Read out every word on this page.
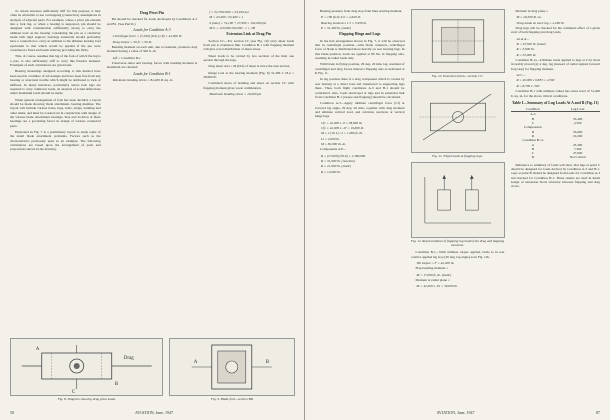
To obtain structure sufficiently stiff for this purpose, it may often be advisable to use overlapping (connective) assumptions in analysis of adjacent parts. For example, where a pivot pin extends into a fork lug, or when a bearing is supported, pin should be designed with consideration sufficiently strong to carry the ultimate load on the bearing considering the pin as a cantilever beam with rigid support; bearings externally should preferably have a connection to carry, in addition to the ultimate bearing load equivalent to that which would be applied if the pin were considered a fixed end beam with lug providing the fixity.

This, of course, assumes that lug of the fork of which the lug is a part, is also sufficiently stiff to carry this fixation moment. Examples of such calculations are given later.

Bearing mountings designed according to this method have been used in a number of lab designs and have been free from any bearing or structural trouble which might be attributed to lack of stiffness. In many instances, particularly where fork lugs are required to carry cantilever loads, an analysis of actual deflections under maximum loads should be made.

When general arrangement of fork has been decided, a layout should be made showing blade attachment, bearing member. The layout will include various forks, lugs, bolts, straps, bending and other items, and must be worked out in conjunction with design of the various blade attachment bearings. Size and location of these bearings are a governing factor in design of various connected parts.

Illustrated in Fig. 7 is a preliminary layout to study some of the detail blade attachment problems. Factors such as the characteristics previously used as an example. The following calculations are based upon the arrangement of parts and proportions shown in the drawing.

Drag Pivot Pin

Pin should be checked for loads developed by Conditions A-3 and B1. (See Part II.)

Loads for Condition A-3

Centrifugal force = (7,290) (6.9) (1.8) = 42,000 lb.

Drag torque = 30 ft. = 90 lb.

Bending moment on each unit, due to resultant, produces drag moment having a value of 300 ft.-lb.

Lift = Condition B-1

Transverse shear and bearing forces with bending moment at maximum are checked.

Loads for Condition B-1

Maximum bending stress = 82,400 lb./sq. in.

f = 32,700/.960 = 34,100 psi

M = 23,400 / 23,400 = 1

S (max) = 74,100 + 27,900 = 102,000 psi

M.S. = 110,000/102,000 - 1 = .08

Extension Link at Drag Pin

Section CC—For section CC (see Fig. 10) carry shear loads from pin to extension link. Condition B-1 with flapping moment will give worst distribution of shear stress.

Shear loads to be carried by two sections of the link; one section through the lugs.

Drag shear area = M (D/2) of shear is twice the area section.

Range load at the bearing moment (Fig. 6) 31,300 x 18.2 = 28,000 lb.

Combined stress of bending and shear on section CC with flapping moment gives worst combination.

Maximum bending stress = 10,000 psi

Drag
A
B
C
Fig. 8. Diagram showing drag pivot loads.
A	B
Fig. 9. Blade fork—section BB.
50	AVIATION, June, 1947

Bearing pressure from drag stop from lines starting moment.

P = 100 (6.9) 4^2 = 2,620 lb.

Bearing moment x 1.5 = 3,930 lb.

P = 31,400 lb. (static)

Flapping Hinge and Lugs

In the hub arrangement shown in Fig. 7, it will be observed that in centrifugal position—with blade centered—centrifugal force of blade is distributed more heavily on rear bearing lugs. In this blade position, loads are applied at 80 lbs. in flapping axis, resulting in radial loads only.

With blade in flying position, 29 deg. 20 min. lag, resultant of centrifugal and drag forces intersect flapping axis as indicated at P, Fig. 11.

In lag position there is a drag component which is carried by rear bearing at a direct load and transferred to supporting lugs there. Thus, both flight conditions A-3 and B-1 should be considered. Also, loads developed at lugs and in extension link from Condition B-1 (torque and flapping) should be calculated.

Condition A-3—Apply ultimate centrifugal force (Cf) at forward lag angle, 29 deg. 20 min., together with drag moment and ultimate vertical load, and calculate reactions at vertical hinge lugs.

Cfc = 42,000 x .9 = 38,000 lb.

Cfv = 42,000 x .47 = 19,600 lb.

M = 2 (16 L) / 2 = 1,000 ft.-lb.

Lt = 2,600 lb.

M = 82,000 lb.-in.

Components at P—

R = (27,000) (50.6) = 1,580,000

R = 31,900 lb. (reaction)

R = 21,000 lb. (static)

R = 14,900 lb.

Fig. 10. Extension block—section CC.
Fig. 11. Flight loads at flapping lugs.
Fig. 12. Representation of flapping lug loads from drag and flapping moments.

Condition B-1—With ultimate torque applied, blade is in rear positive applied lag stop (30 deg. lag angle) as in Fig. 12b.

Vib torque = F = 42,200 lb.

Flap bending moment =

M = 17,000 ft.-lb. (static)

Moment at radial plane =

M = 42,200 x .91 = 39,000 lb.

Moment in drag plane =

M = 26,500 lb.-in.

Drag loads on each lug = 2,260 lb.

Drag lugs will be checked for the combined effect of a given level of both flapping and drag loads.

As at A—

R = 33,500 lb. (total)

R = 3,600 lb.

R = 33,000 lb.

Condition B-1a—Ultimate loads applied to lugs at 2 for most favorably placed (a) 4 deg. lag (instead of radial against forward drag stop) for flapping moment.

At C—

R = 20,000 x 0.833 = 2,500

R = 8,700 x .500

Condition B-1 with ultimate values has stress level of 31,400 lb./sq. in. for the above critical conditions.

Table I—Summary of Lug Loads At A and B (Fig. 11)
Condition	Lug Load
A-3
B	33,400
C	2,500
Compression
D	53,600
R	10,200
Condition B-1a
A	23,300
B	7,300
C	27,600
D	Not Critical

Reference to summary of loads will show that lugs at point C should be designed for loads derived by Condition A-3 and B-1. Lugs at point B should be designed from loads for Condition A-3 and checked for Condition B-1. These results are used in detail design of extension block structure between flapping and drag pivots.

AVIATION, June, 1947	87
